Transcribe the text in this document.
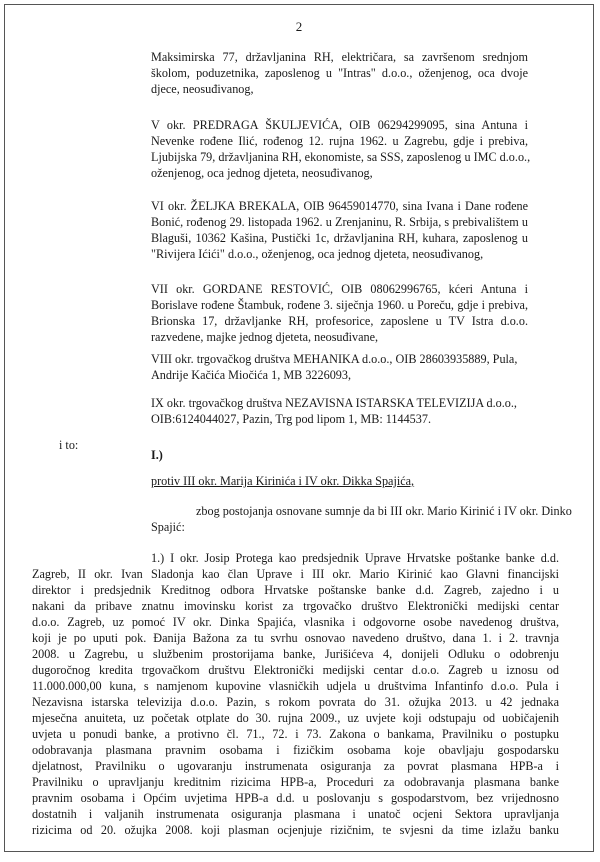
2
Maksimirska 77, državljanina RH, električara, sa završenom srednjom
školom, poduzetnika, zaposlenog u "Intras" d.o.o., oženjenog, oca dvoje
djece, neosuđivanog,
V okr. PREDRAGA ŠKULJEVIĆA, OIB 06294299095, sina Antuna i
Nevenke rođene Ilić, rođenog 12. rujna 1962. u Zagrebu, gdje i prebiva,
Ljubijska 79, državljanina RH, ekonomiste, sa SSS, zaposlenog u IMC d.o.o.,
oženjenog, oca jednog djeteta, neosuđivanog,
VI okr. ŽELJKA BREKALA, OIB 96459014770, sina Ivana i Dane rođene
Bonić, rođenog 29. listopada 1962. u Zrenjaninu, R. Srbija, s prebivalištem u
Blaguši, 10362 Kašina, Pustički 1c, državljanina RH, kuhara, zaposlenog u
"Rivijera Ićići" d.o.o., oženjenog, oca jednog djeteta, neosuđivanog,
VII okr. GORDANE RESTOVIĆ, OIB 08062996765, kćeri Antuna i
Borislave rođene Štambuk, rođene 3. siječnja 1960. u Poreču, gdje i prebiva,
Brionska 17, državljanke RH, profesorice, zaposlene u TV Istra d.o.o.
razvedene, majke jednog djeteta, neosuđivane,
VIII okr. trgovačkog društva MEHANIKA d.o.o., OIB 28603935889, Pula,
Andrije Kačića Miočića 1, MB 3226093,
IX okr. trgovačkog društva NEZAVISNA ISTARSKA TELEVIZIJA d.o.o.,
OIB:6124044027, Pazin, Trg pod lipom 1, MB: 1144537.
i to:
I.)
protiv III okr. Marija Kirinića i IV okr. Dikka Spajića,
zbog postojanja osnovane sumnje da bi III okr. Mario Kirinić i IV okr. Dinko
Spajić:
1.) I okr. Josip Protega kao predsjednik Uprave Hrvatske poštanke banke d.d.
Zagreb, II okr. Ivan Sladonja kao član Uprave i III okr. Mario Kirinić kao Glavni financijski
direktor i predsjednik Kreditnog odbora Hrvatske poštanske banke d.d. Zagreb, zajedno i u
nakani da pribave znatnu imovinsku korist za trgovačko društvo Elektronički medijski centar
d.o.o. Zagreb, uz pomoć IV okr. Dinka Spajića, vlasnika i odgovorne osobe navedenog društva,
koji je po uputi pok. Đanija Bažona za tu svrhu osnovao navedeno društvo, dana 1. i 2. travnja
2008. u Zagrebu, u službenim prostorijama banke, Jurišićeva 4, donijeli Odluku o odobrenju
dugoročnog kredita trgovačkom društvu Elektronički medijski centar d.o.o. Zagreb u iznosu od
11.000.000,00 kuna, s namjenom kupovine vlasničkih udjela u društvima Infantinfo d.o.o. Pula i
Nezavisna istarska televizija d.o.o. Pazin, s rokom povrata do 31. ožujka 2013. u 42 jednaka
mjesečna anuiteta, uz početak otplate do 30. rujna 2009., uz uvjete koji odstupaju od uobičajenih
uvjeta u ponudi banke, a protivno čl. 71., 72. i 73. Zakona o bankama, Pravilniku o postupku
odobravanja plasmana pravnim osobama i fizičkim osobama koje obavljaju gospodarsku
djelatnost, Pravilniku o ugovaranju instrumenata osiguranja za povrat plasmana HPB-a i
Pravilniku o upravljanju kreditnim rizicima HPB-a, Proceduri za odobravanja plasmana banke
pravnim osobama i Općim uvjetima HPB-a d.d. u poslovanju s gospodarstvom, bez vrijednosno
dostatnih i valjanih instrumenata osiguranja plasmana i unatoč ocjeni Sektora upravljanja
rizicima od 20. ožujka 2008. koji plasman ocjenjuje rizičnim, te svjesni da time izlažu banku
